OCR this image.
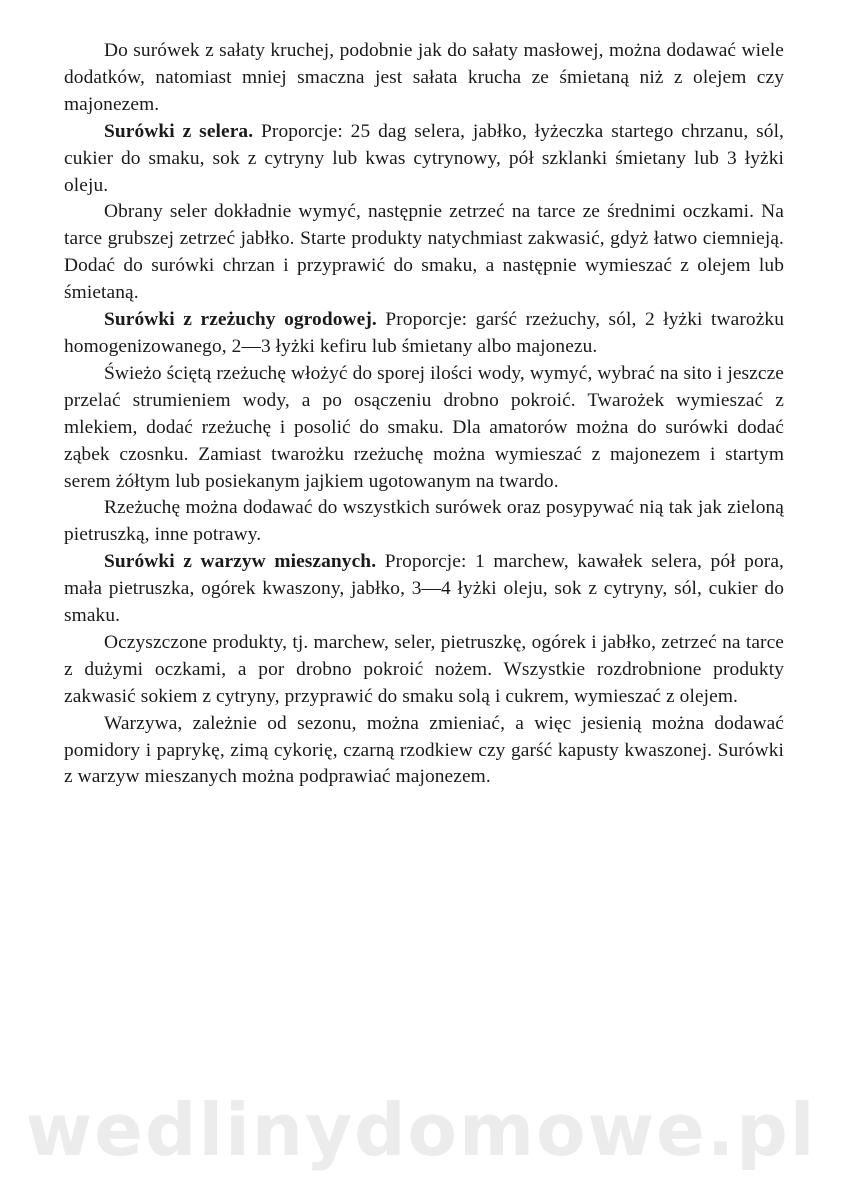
Do surówek z sałaty kruchej, podobnie jak do sałaty masłowej, można dodawać wiele dodatków, natomiast mniej smaczna jest sałata krucha ze śmietaną niż z olejem czy majonezem.

Surówki z selera. Proporcje: 25 dag selera, jabłko, łyżeczka startego chrzanu, sól, cukier do smaku, sok z cytryny lub kwas cytrynowy, pół szklanki śmietany lub 3 łyżki oleju.

Obrany seler dokładnie wymyć, następnie zetrzeć na tarce ze średnimi oczkami. Na tarce grubszej zetrzeć jabłko. Starte produkty natychmiast zakwasić, gdyż łatwo ciemnieją. Dodać do surówki chrzan i przyprawić do smaku, a następnie wymieszać z olejem lub śmietaną.

Surówki z rzeżuchy ogrodowej. Proporcje: garść rzeżuchy, sól, 2 łyżki twarożku homogenizowanego, 2—3 łyżki kefiru lub śmietany albo majonezu.

Świeżo ściętą rzeżuchę włożyć do sporej ilości wody, wymyć, wybrać na sito i jeszcze przelać strumieniem wody, a po osączeniu drobno pokroić. Twarożek wymieszać z mlekiem, dodać rzeżuchę i posolić do smaku. Dla amatorów można do surówki dodać ząbek czosnku. Zamiast twarożku rzeżuchę można wymieszać z majonezem i startym serem żółtym lub posiekanym jajkiem ugotowanym na twardo.

Rzeżuchę można dodawać do wszystkich surówek oraz posypywać nią tak jak zieloną pietruszką, inne potrawy.

Surówki z warzyw mieszanych. Proporcje: 1 marchew, kawałek selera, pół pora, mała pietruszka, ogórek kwaszony, jabłko, 3—4 łyżki oleju, sok z cytryny, sól, cukier do smaku.

Oczyszczone produkty, tj. marchew, seler, pietruszkę, ogórek i jabłko, zetrzeć na tarce z dużymi oczkami, a por drobno pokroić nożem. Wszystkie rozdrobnione produkty zakwasić sokiem z cytryny, przyprawić do smaku solą i cukrem, wymieszać z olejem.

Warzywa, zależnie od sezonu, można zmieniać, a więc jesienią można dodawać pomidory i paprykę, zimą cykorię, czarną rzodkiew czy garść kapusty kwaszonej. Surówki z warzyw mieszanych można podprawiać majonezem.

wedlinydomowe.pl
